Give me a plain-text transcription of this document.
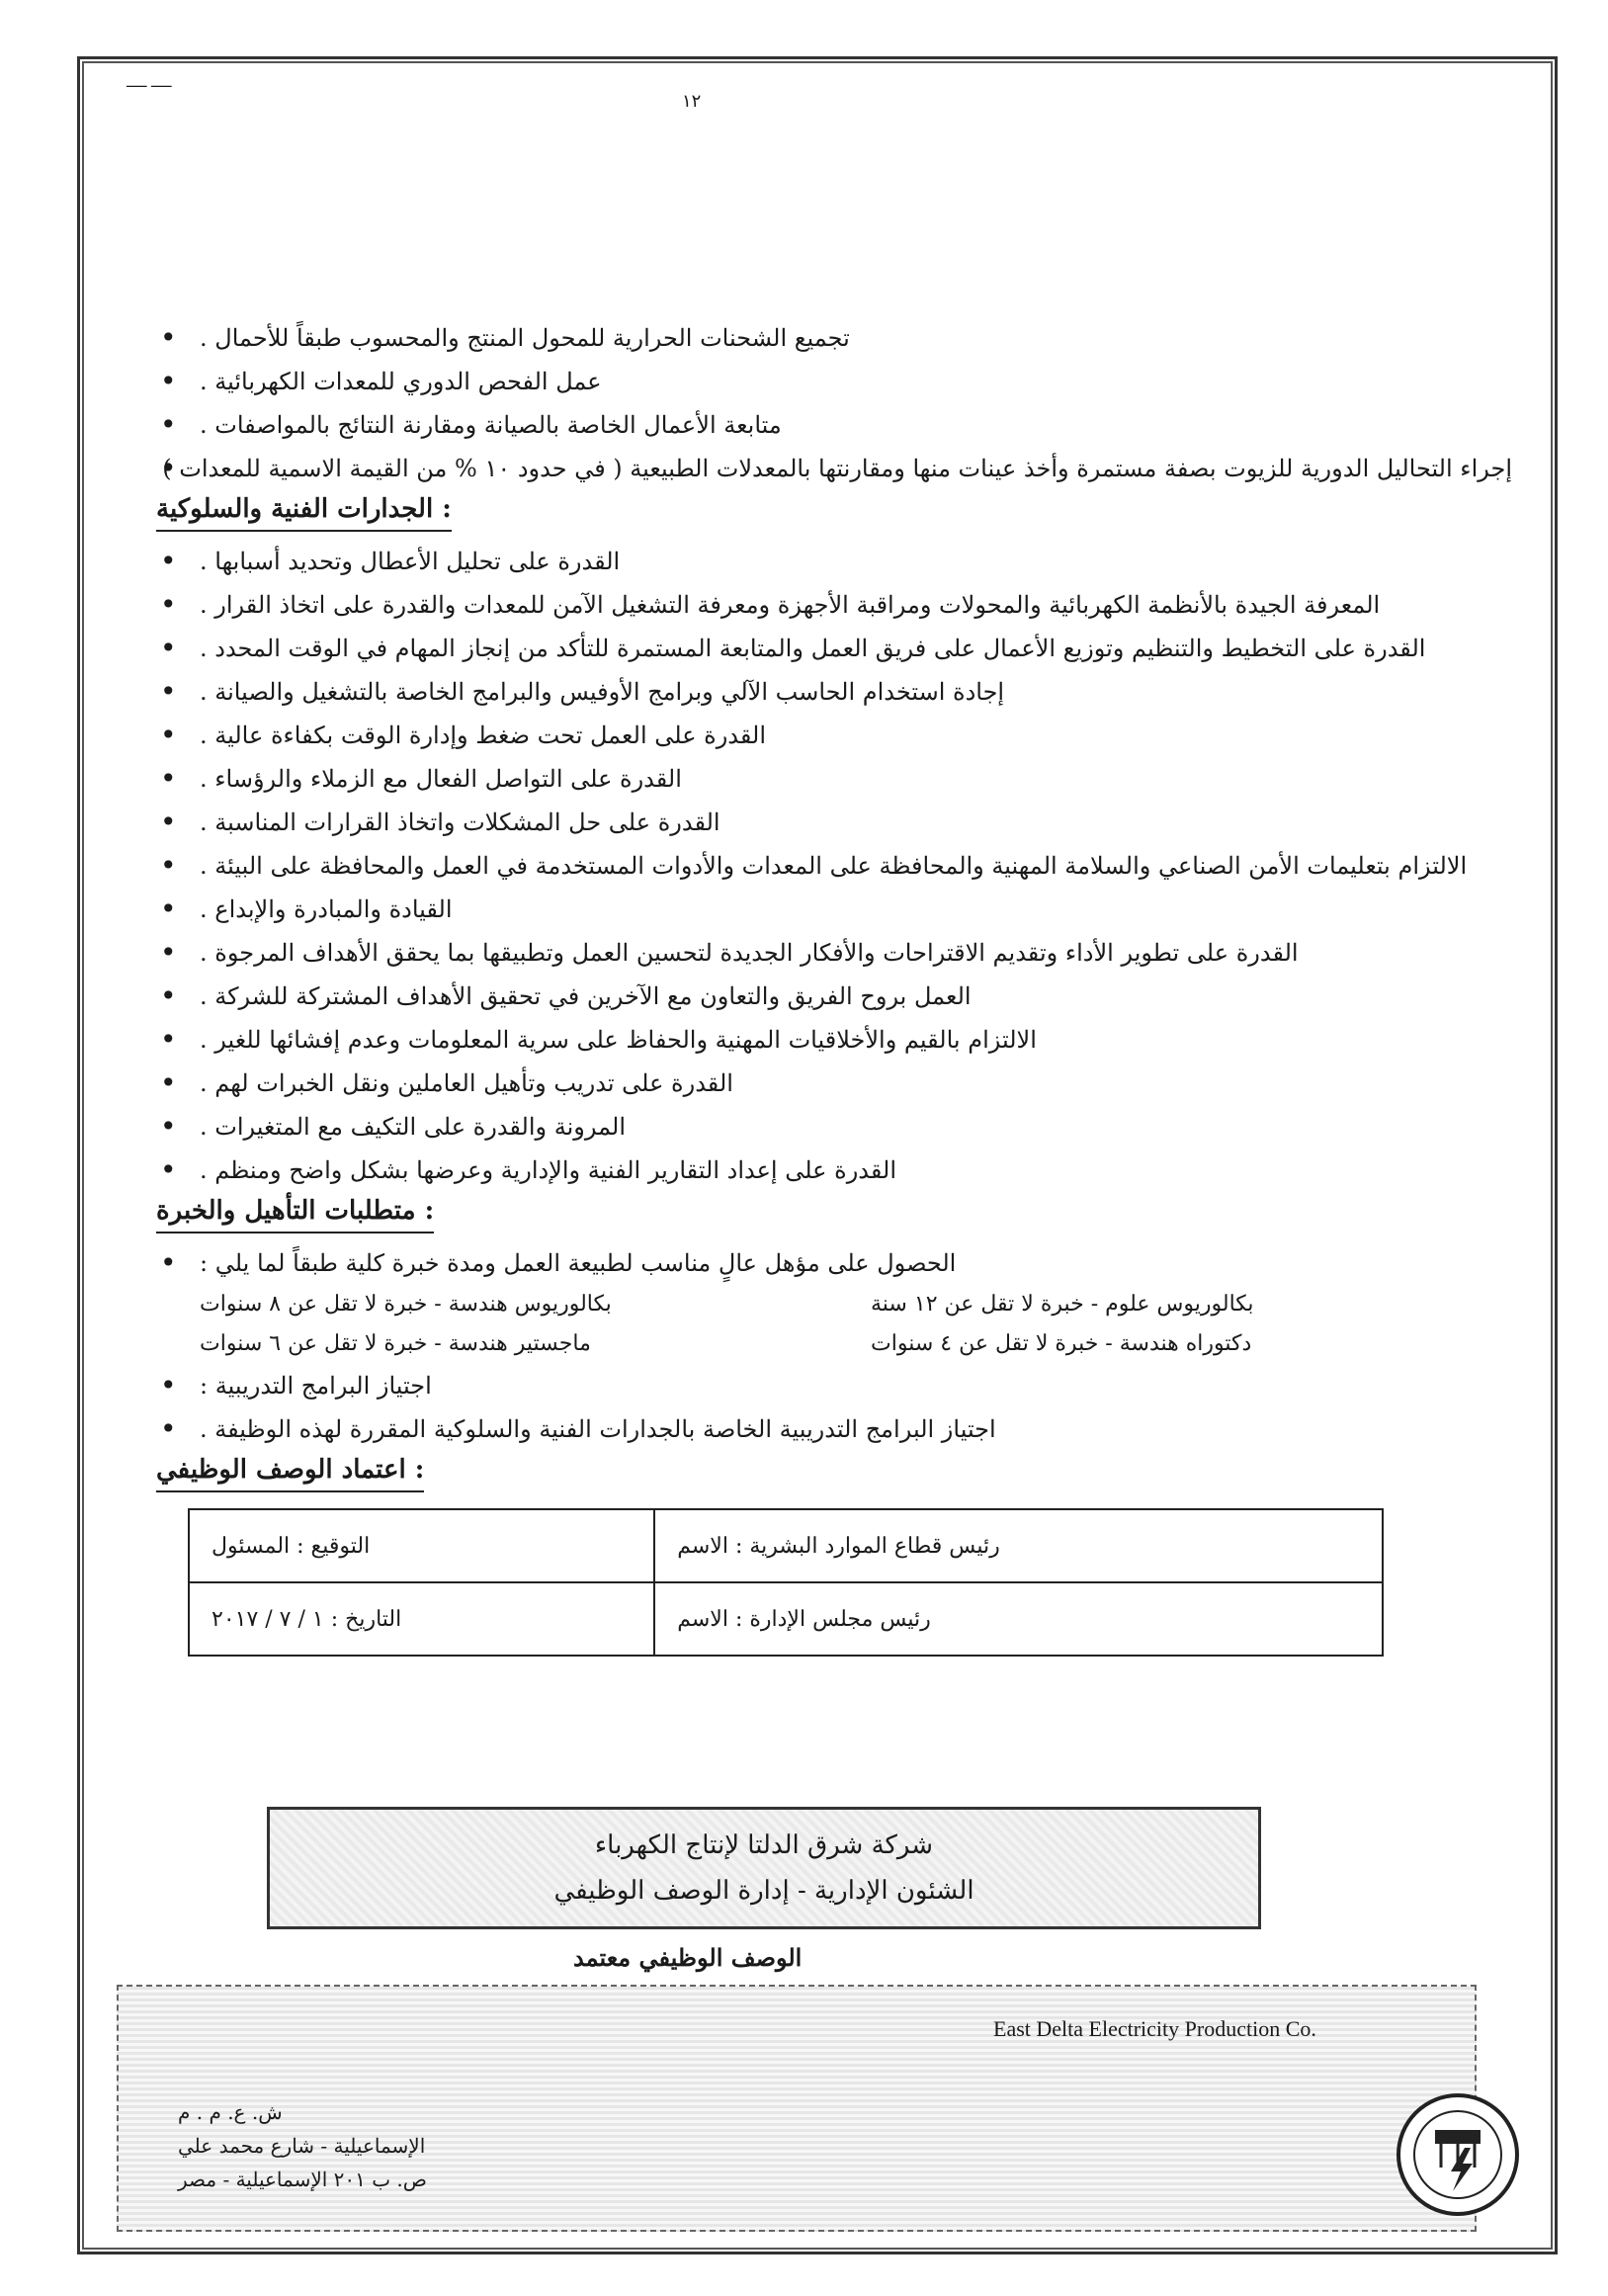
ـــــ ـــــ
١٢
• تجميع الشحنات الحرارية للمحول المنتج والمحسوب طبقاً للأحمال .
• عمل الفحص الدوري للمعدات الكهربائية .
• متابعة الأعمال الخاصة بالصيانة ومقارنة النتائج بالمواصفات .
• إجراء التحاليل الدورية للزيوت بصفة مستمرة وأخذ عينات منها ومقارنتها بالمعدلات الطبيعية ( في حدود ١٠ % من القيمة الاسمية للمعدات )
الجدارات الفنية والسلوكية :
• القدرة على تحليل الأعطال وتحديد أسبابها .
• المعرفة الجيدة بالأنظمة الكهربائية والمحولات ومراقبة الأجهزة ومعرفة التشغيل الآمن للمعدات والقدرة على اتخاذ القرار .
• القدرة على التخطيط والتنظيم وتوزيع الأعمال على فريق العمل والمتابعة المستمرة للتأكد من إنجاز المهام في الوقت المحدد .
• إجادة استخدام الحاسب الآلي وبرامج الأوفيس والبرامج الخاصة بالتشغيل والصيانة .
• القدرة على العمل تحت ضغط وإدارة الوقت بكفاءة عالية .
• القدرة على التواصل الفعال مع الزملاء والرؤساء .
• القدرة على حل المشكلات واتخاذ القرارات المناسبة .
• الالتزام بتعليمات الأمن الصناعي والسلامة المهنية والمحافظة على المعدات والأدوات المستخدمة في العمل والمحافظة على البيئة .
• القيادة والمبادرة والإبداع .
• القدرة على تطوير الأداء وتقديم الاقتراحات والأفكار الجديدة لتحسين العمل وتطبيقها بما يحقق الأهداف المرجوة .
• العمل بروح الفريق والتعاون مع الآخرين في تحقيق الأهداف المشتركة للشركة .
• الالتزام بالقيم والأخلاقيات المهنية والحفاظ على سرية المعلومات وعدم إفشائها للغير .
• القدرة على تدريب وتأهيل العاملين ونقل الخبرات لهم .
• المرونة والقدرة على التكيف مع المتغيرات .
• القدرة على إعداد التقارير الفنية والإدارية وعرضها بشكل واضح ومنظم .
متطلبات التأهيل والخبرة :
• الحصول على مؤهل عالٍ مناسب لطبيعة العمل ومدة خبرة كلية طبقاً لما يلي :
بكالوريوس هندسة - خبرة لا تقل عن ٨ سنوات	بكالوريوس علوم - خبرة لا تقل عن ١٢ سنة
ماجستير هندسة - خبرة لا تقل عن ٦ سنوات	دكتوراه هندسة - خبرة لا تقل عن ٤ سنوات
• اجتياز البرامج التدريبية :
• اجتياز البرامج التدريبية الخاصة بالجدارات الفنية والسلوكية المقررة لهذه الوظيفة .
اعتماد الوصف الوظيفي :
التوقيع : المسئول	رئيس قطاع الموارد البشرية : الاسم
التاريخ : ١ / ٧ / ٢٠١٧	رئيس مجلس الإدارة : الاسم
شركة شرق الدلتا لإنتاج الكهرباء
الشئون الإدارية - إدارة الوصف الوظيفي
الوصف الوظيفي معتمد
East Delta Electricity Production Co.
ش. ع. م . م
الإسماعيلية - شارع محمد علي
ص. ب ٢٠١ الإسماعيلية - مصر
